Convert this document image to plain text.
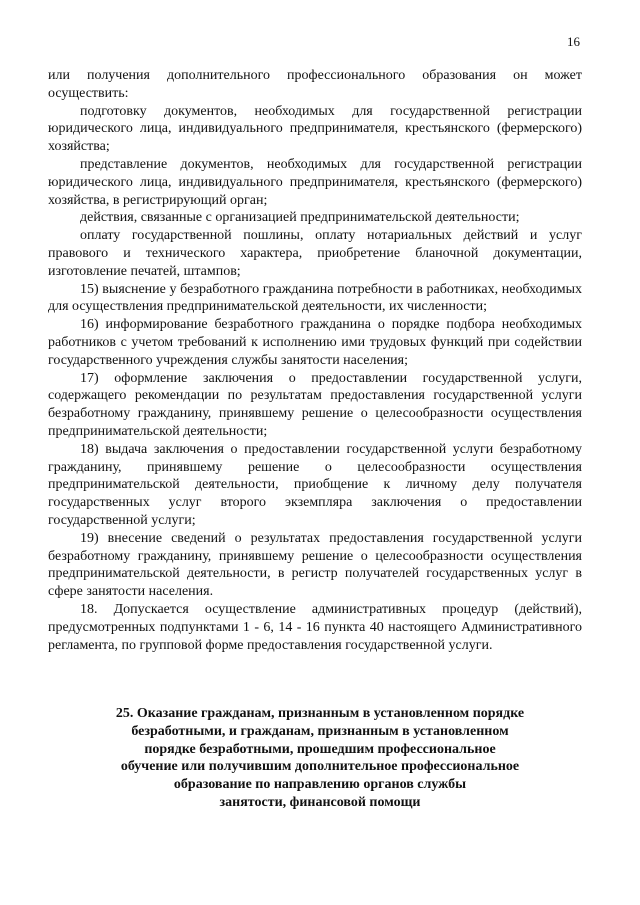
16

или получения дополнительного профессионального образования он может осуществить:

подготовку документов, необходимых для государственной регистрации юридического лица, индивидуального предпринимателя, крестьянского (фермерского) хозяйства;

представление документов, необходимых для государственной регистрации юридического лица, индивидуального предпринимателя, крестьянского (фермерского) хозяйства, в регистрирующий орган;

действия, связанные с организацией предпринимательской деятельности;

оплату государственной пошлины, оплату нотариальных действий и услуг правового и технического характера, приобретение бланочной документации, изготовление печатей, штампов;

15) выяснение у безработного гражданина потребности в работниках, необходимых для осуществления предпринимательской деятельности, их численности;

16) информирование безработного гражданина о порядке подбора необходимых работников с учетом требований к исполнению ими трудовых функций при содействии государственного учреждения службы занятости населения;

17) оформление заключения о предоставлении государственной услуги, содержащего рекомендации по результатам предоставления государственной услуги безработному гражданину, принявшему решение о целесообразности осуществления предпринимательской деятельности;

18) выдача заключения о предоставлении государственной услуги безработному гражданину, принявшему решение о целесообразности осуществления предпринимательской деятельности, приобщение к личному делу получателя государственных услуг второго экземпляра заключения о предоставлении государственной услуги;

19) внесение сведений о результатах предоставления государственной услуги безработному гражданину, принявшему решение о целесообразности осуществления предпринимательской деятельности, в регистр получателей государственных услуг в сфере занятости населения.

18. Допускается осуществление административных процедур (действий), предусмотренных подпунктами 1 - 6, 14 - 16 пункта 40 настоящего Административного регламента, по групповой форме предоставления государственной услуги.

25. Оказание гражданам, признанным в установленном порядке
безработными, и гражданам, признанным в установленном
порядке безработными, прошедшим профессиональное
обучение или получившим дополнительное профессиональное
образование по направлению органов службы
занятости, финансовой помощи
